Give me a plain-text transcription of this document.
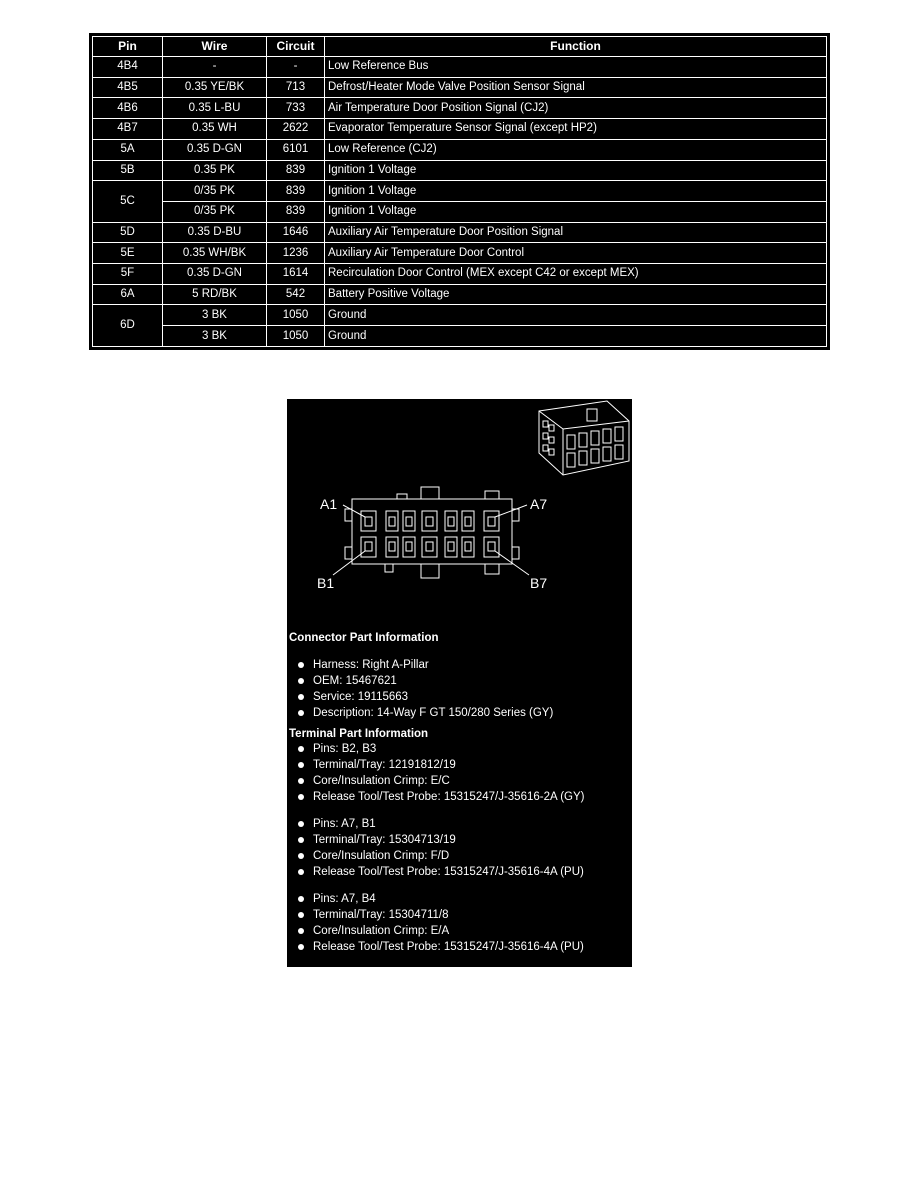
Pin	Wire	Circuit	Function
4B4	-	-	Low Reference Bus
4B5	0.35 YE/BK	713	Defrost/Heater Mode Valve Position Sensor Signal
4B6	0.35 L-BU	733	Air Temperature Door Position Signal (CJ2)
4B7	0.35 WH	2622	Evaporator Temperature Sensor Signal (except HP2)
5A	0.35 D-GN	6101	Low Reference (CJ2)
5B	0.35 PK	839	Ignition 1 Voltage
5C	0/35 PK	839	Ignition 1 Voltage
	0/35 PK	839	Ignition 1 Voltage
5D	0.35 D-BU	1646	Auxiliary Air Temperature Door Position Signal
5E	0.35 WH/BK	1236	Auxiliary Air Temperature Door Control
5F	0.35 D-GN	1614	Recirculation Door Control (MEX except C42 or except MEX)
6A	5 RD/BK	542	Battery Positive Voltage
6D	3 BK	1050	Ground
	3 BK	1050	Ground
A1	A7
B1	B7
Connector Part Information
Harness: Right A-Pillar
OEM: 15467621
Service: 19115663
Description: 14-Way F GT 150/280 Series (GY)
Terminal Part Information
Pins: B2, B3
Terminal/Tray: 12191812/19
Core/Insulation Crimp: E/C
Release Tool/Test Probe: 15315247/J-35616-2A (GY)
Pins: A7, B1
Terminal/Tray: 15304713/19
Core/Insulation Crimp: F/D
Release Tool/Test Probe: 15315247/J-35616-4A (PU)
Pins: A7, B4
Terminal/Tray: 15304711/8
Core/Insulation Crimp: E/A
Release Tool/Test Probe: 15315247/J-35616-4A (PU)
